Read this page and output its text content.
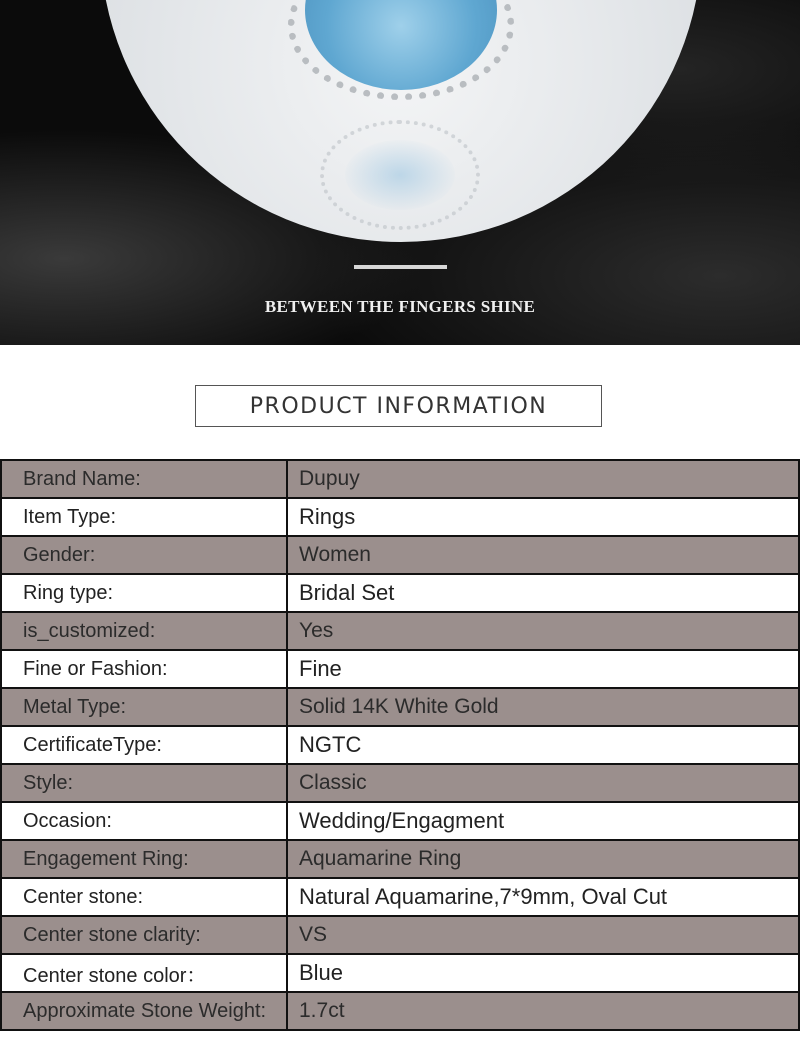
BETWEEN THE FINGERS SHINE
PRODUCT INFORMATION
Brand Name:	Dupuy
Item Type:	Rings
Gender:	Women
Ring type:	Bridal Set
is_customized:	Yes
Fine or Fashion:	Fine
Metal Type:	Solid 14K White Gold
CertificateType:	NGTC
Style:	Classic
Occasion:	Wedding/Engagment
Engagement Ring:	Aquamarine Ring
Center stone:	Natural Aquamarine,7*9mm, Oval Cut
Center stone clarity:	VS
Center stone color：	Blue
Approximate Stone Weight:	1.7ct
